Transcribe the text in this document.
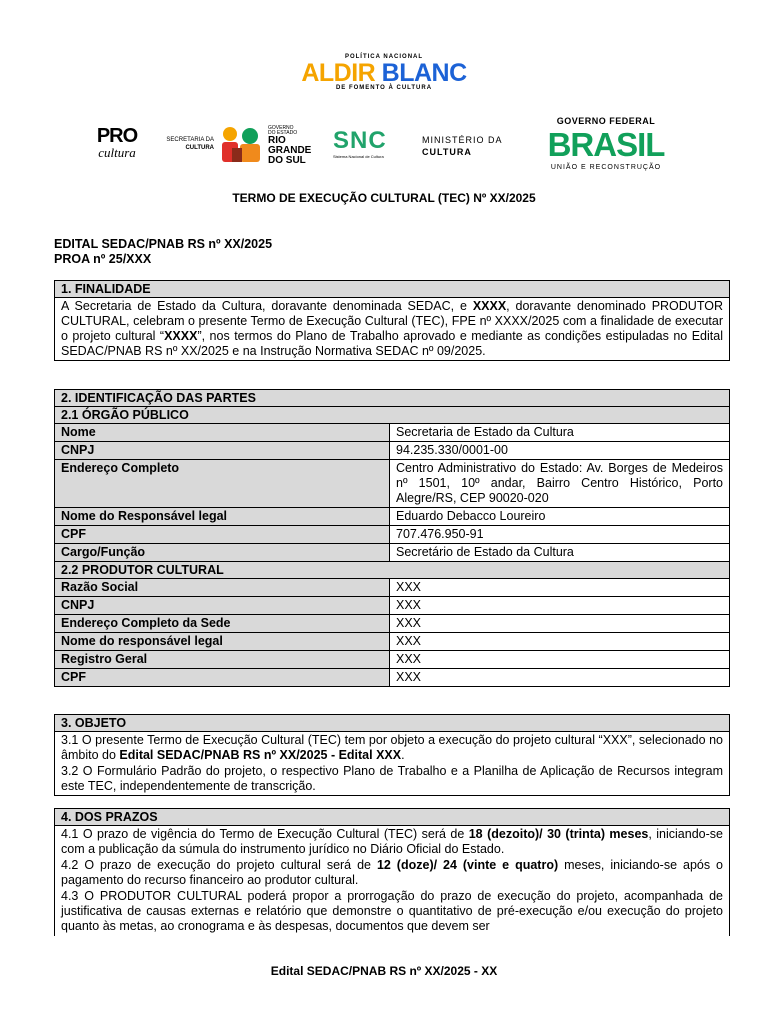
POLÍTICA NACIONAL
ALDIR BLANC
DE FOMENTO À CULTURA
PRO
cultura
SECRETARIA DA
CULTURA
GOVERNO
DO ESTADO
RIO
GRANDE
DO SUL
SNC
Sistema Nacional de Cultura
MINISTÉRIO DA
CULTURA
GOVERNO FEDERAL
BRASIL
UNIÃO E RECONSTRUÇÃO
TERMO DE EXECUÇÃO CULTURAL (TEC) Nº XX/2025
EDITAL SEDAC/PNAB RS nº XX/2025
PROA nº 25/XXX
1. FINALIDADE
A Secretaria de Estado da Cultura, doravante denominada SEDAC, e XXXX, doravante denominado PRODUTOR CULTURAL, celebram o presente Termo de Execução Cultural (TEC), FPE nº XXXX/2025 com a finalidade de executar o projeto cultural “XXXX”, nos termos do Plano de Trabalho aprovado e mediante as condições estipuladas no Edital SEDAC/PNAB RS nº XX/2025 e na Instrução Normativa SEDAC nº 09/2025.
2. IDENTIFICAÇÃO DAS PARTES
2.1 ÓRGÃO PÚBLICO
Nome	Secretaria de Estado da Cultura
CNPJ	94.235.330/0001-00
Endereço Completo	Centro Administrativo do Estado: Av. Borges de Medeiros nº 1501, 10º andar, Bairro Centro Histórico, Porto Alegre/RS, CEP 90020-020
Nome do Responsável legal	Eduardo Debacco Loureiro
CPF	707.476.950-91
Cargo/Função	Secretário de Estado da Cultura
2.2 PRODUTOR CULTURAL
Razão Social	XXX
CNPJ	XXX
Endereço Completo da Sede	XXX
Nome do responsável legal	XXX
Registro Geral	XXX
CPF	XXX
3. OBJETO
3.1 O presente Termo de Execução Cultural (TEC) tem por objeto a execução do projeto cultural “XXX”, selecionado no âmbito do Edital SEDAC/PNAB RS nº XX/2025 - Edital XXX.
3.2 O Formulário Padrão do projeto, o respectivo Plano de Trabalho e a Planilha de Aplicação de Recursos integram este TEC, independentemente de transcrição.
4. DOS PRAZOS
4.1 O prazo de vigência do Termo de Execução Cultural (TEC) será de 18 (dezoito)/ 30 (trinta) meses, iniciando-se com a publicação da súmula do instrumento jurídico no Diário Oficial do Estado.
4.2 O prazo de execução do projeto cultural será de 12 (doze)/ 24 (vinte e quatro) meses, iniciando-se após o pagamento do recurso financeiro ao produtor cultural.
4.3 O PRODUTOR CULTURAL poderá propor a prorrogação do prazo de execução do projeto, acompanhada de justificativa de causas externas e relatório que demonstre o quantitativo de pré-execução e/ou execução do projeto quanto às metas, ao cronograma e às despesas, documentos que devem ser
Edital SEDAC/PNAB RS nº XX/2025 - XX
